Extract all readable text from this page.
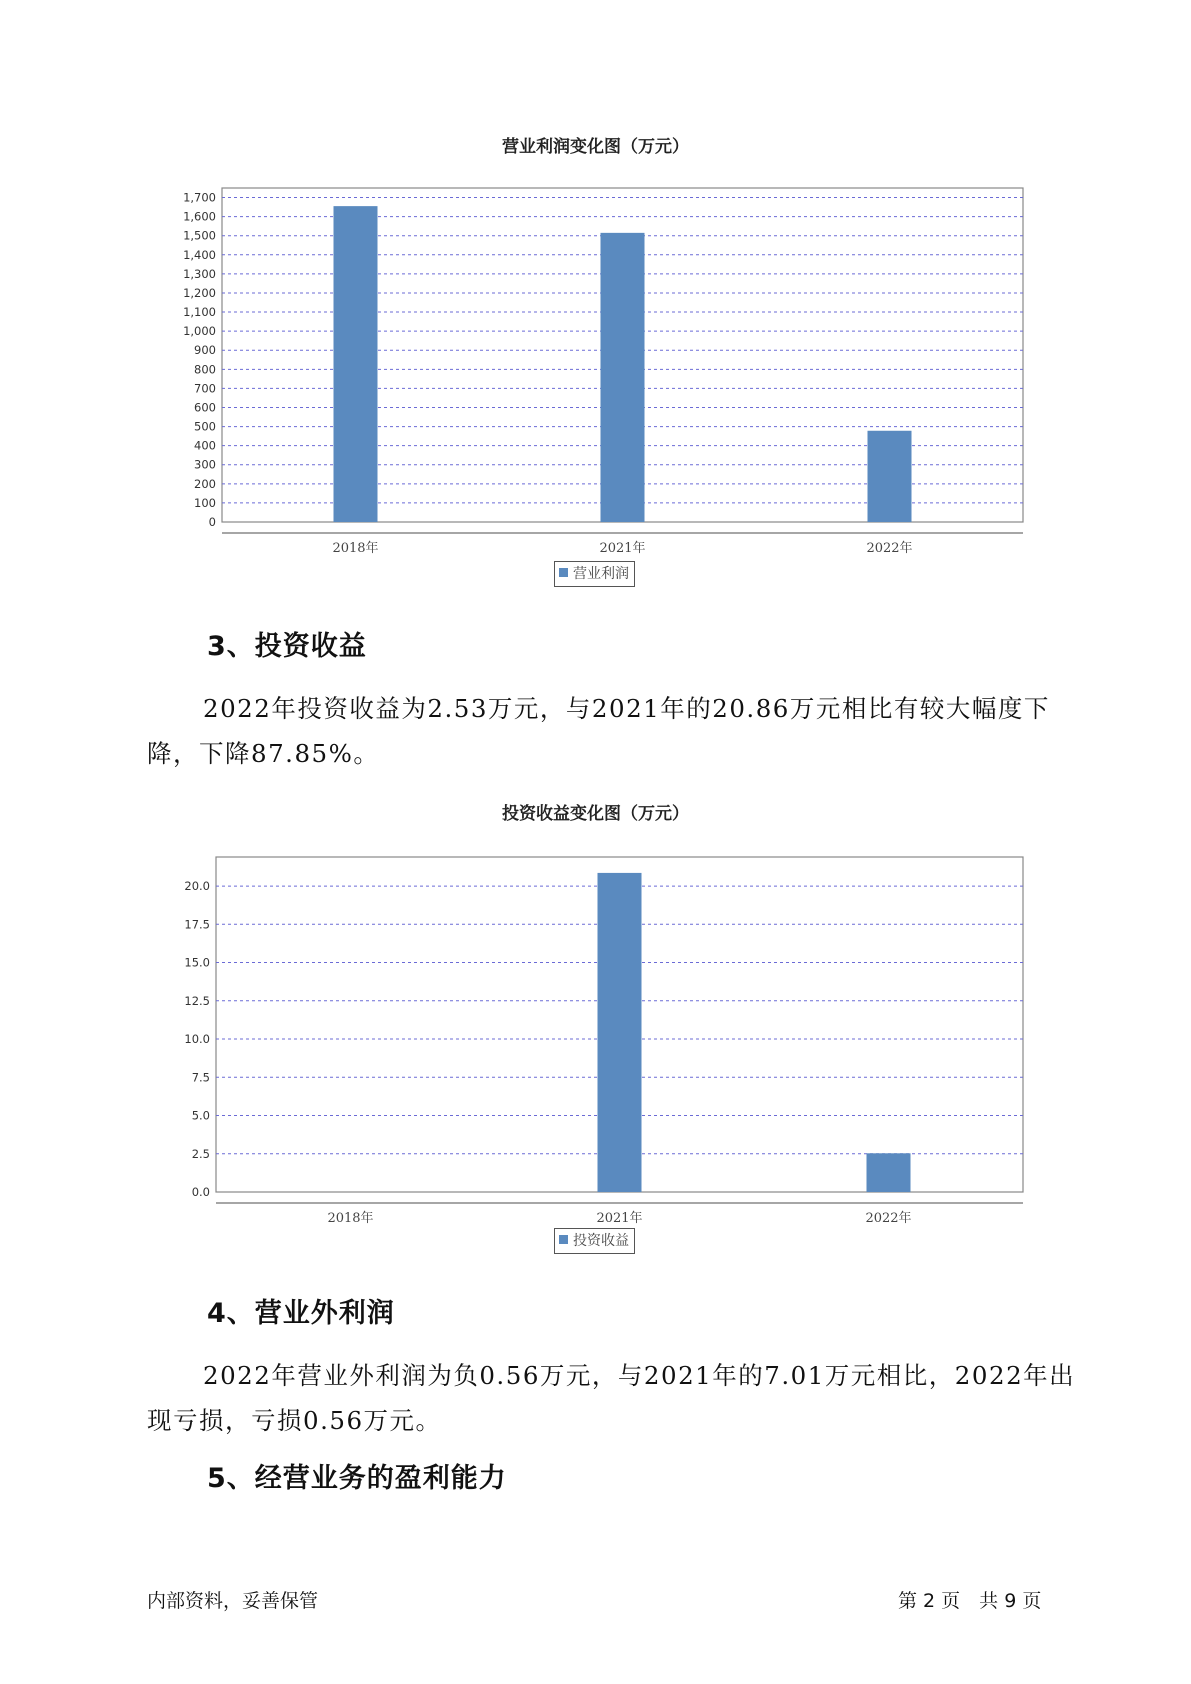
营业利润变化图（万元）
0
100
200
300
400
500
600
700
800
900
1,000
1,100
1,200
1,300
1,400
1,500
1,600
1,700
2018年	2021年	2022年
营业利润
3、投资收益

2022年投资收益为2.53万元，与2021年的20.86万元相比有较大幅度下降，下降87.85%。

投资收益变化图（万元）
0.0
2.5
5.0
7.5
10.0
12.5
15.0
17.5
20.0
2018年	2021年	2022年
投资收益
4、营业外利润

2022年营业外利润为负0.56万元，与2021年的7.01万元相比，2022年出现亏损，亏损0.56万元。

5、经营业务的盈利能力
内部资料，妥善保管	第 2 页　共 9 页
